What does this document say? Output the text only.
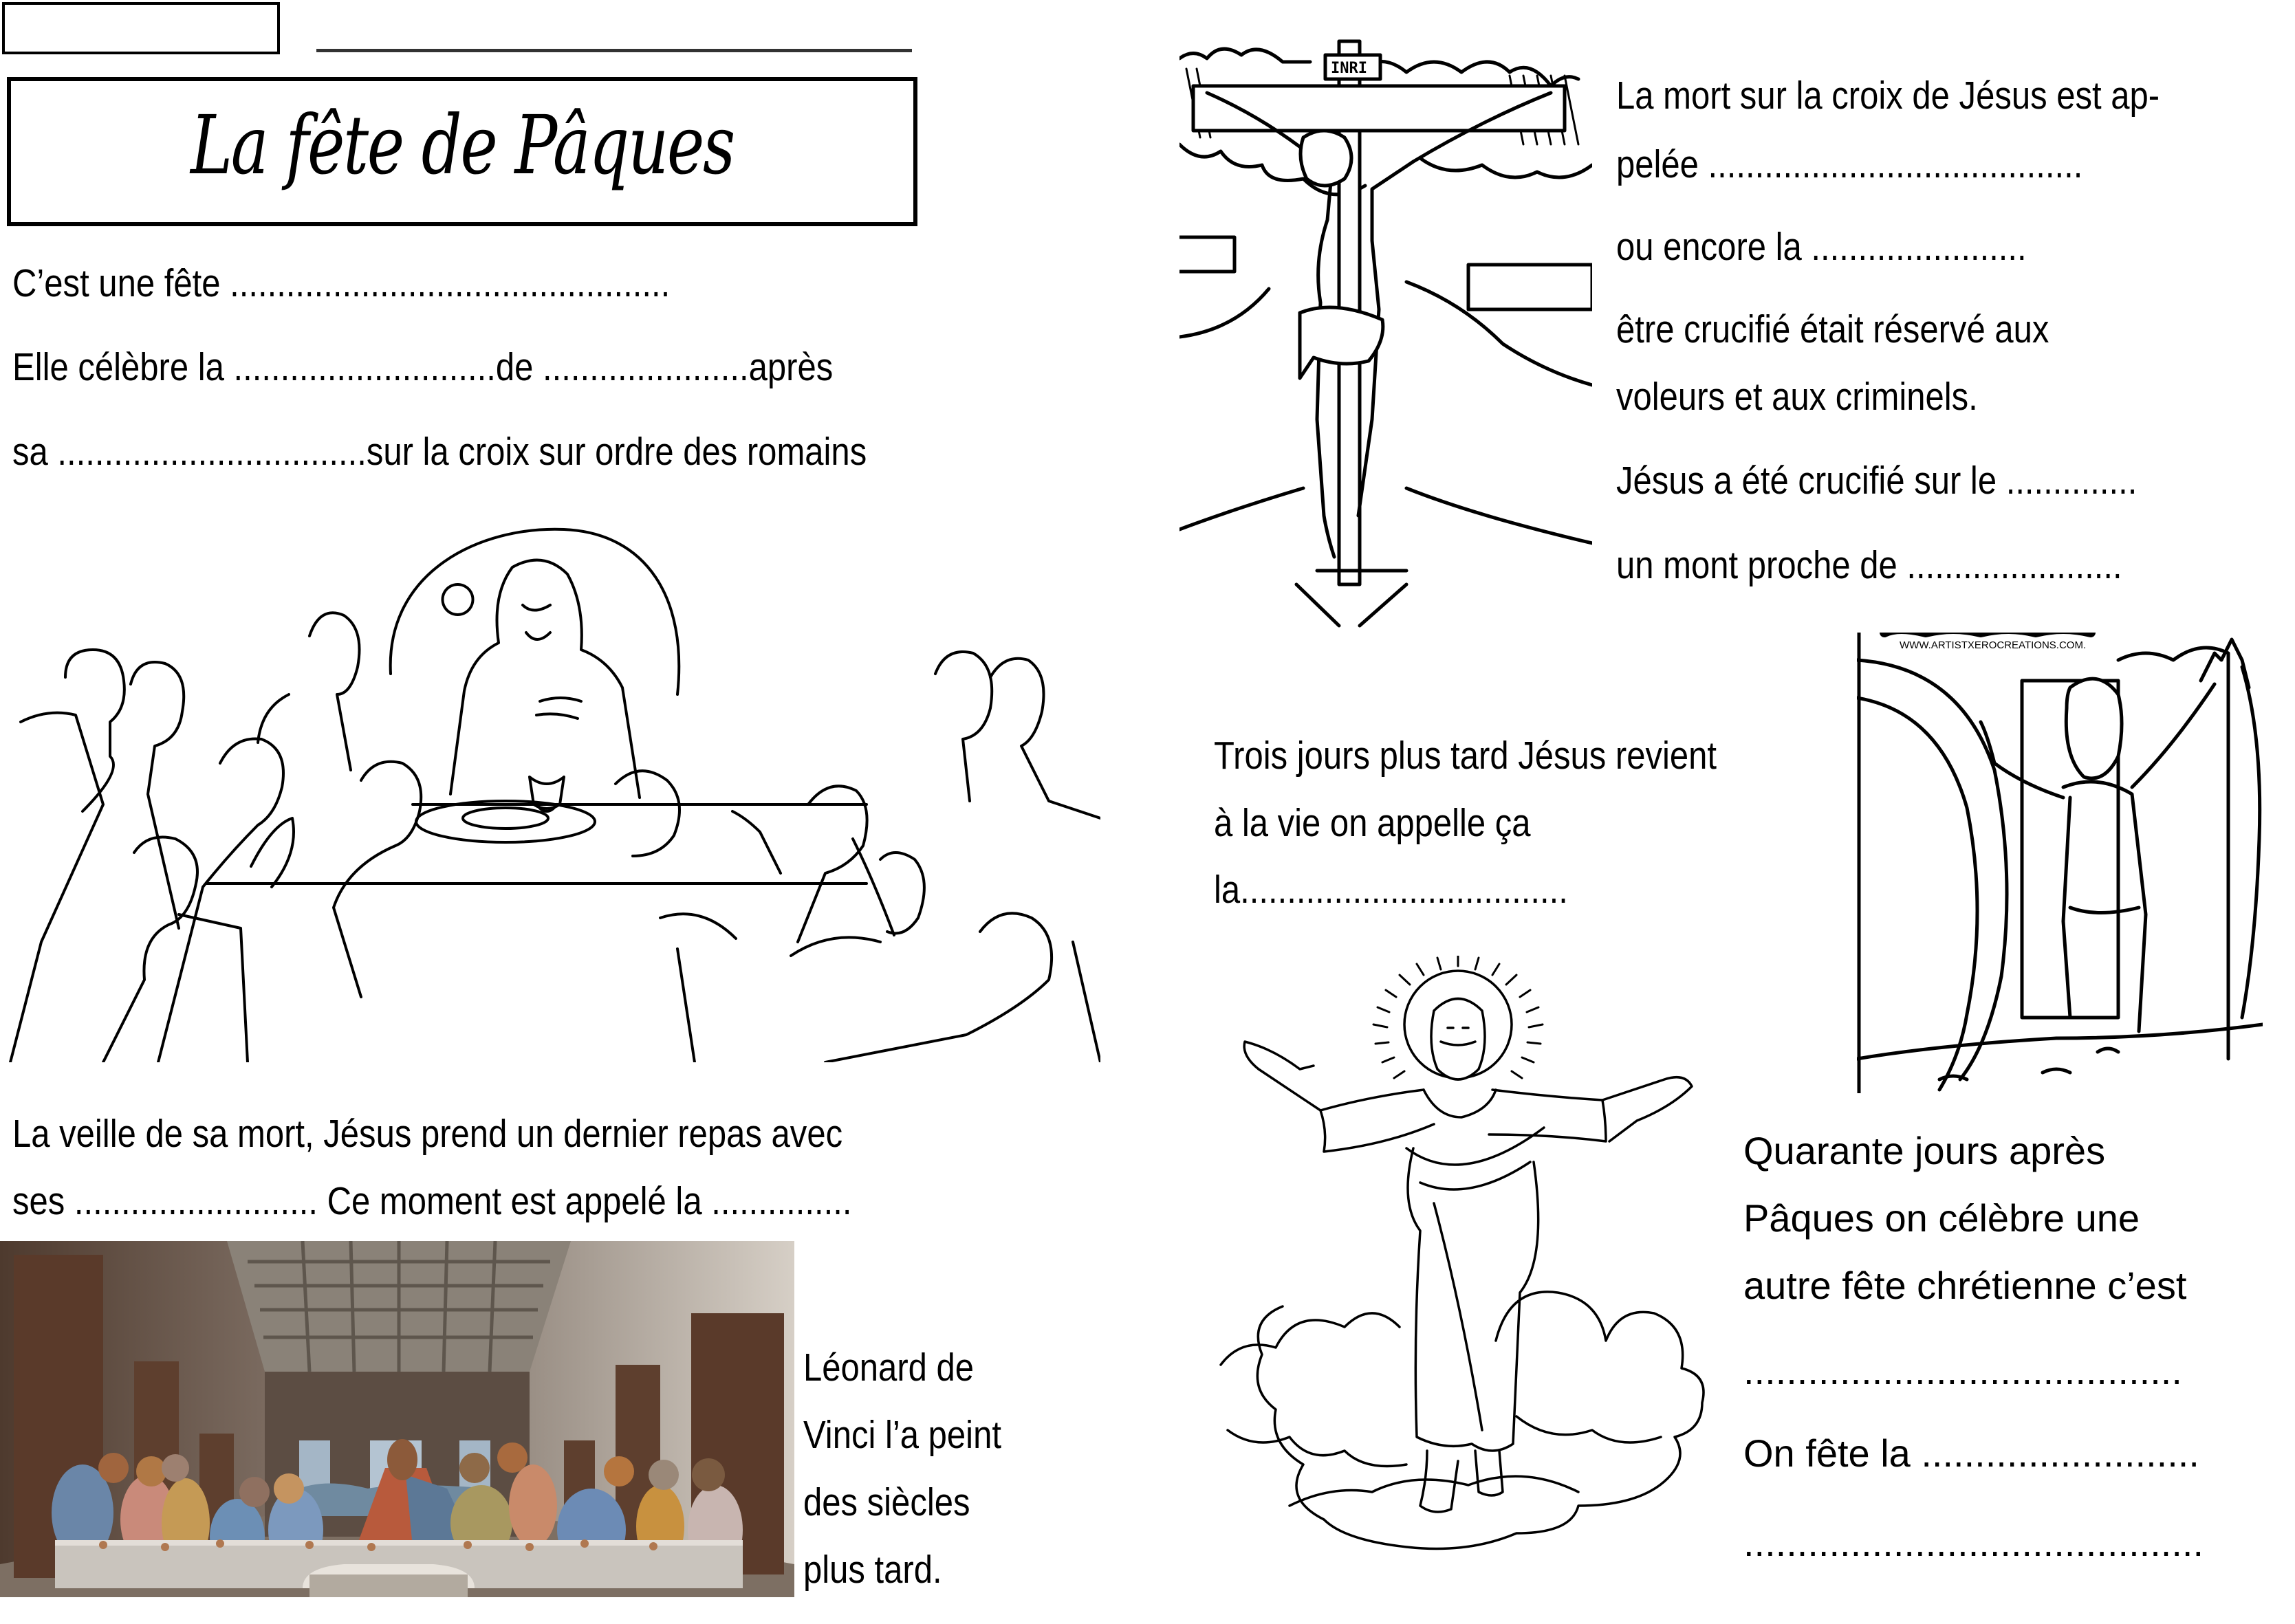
La fête de Pâques
C’est une fête ...............................................
Elle célèbre la ............................de ......................après
sa .................................sur la croix sur ordre des romains
La veille de sa mort, Jésus prend un dernier repas avec
ses .......................... Ce moment est appelé la ...............
Léonard de
Vinci l’a peint
des siècles
plus tard.
INRI
La mort sur la croix de Jésus est ap-
pelée ........................................
ou encore la .......................
être crucifié était réservé aux
voleurs et aux criminels.
Jésus a été crucifié sur le ..............
un mont proche de .......................
Trois jours plus tard Jésus revient
à la vie on appelle ça
la...................................
WWW.ARTISTXEROCREATIONS.COM.
Quarante jours après
Pâques on célèbre une
autre fête chrétienne c’est
.........................................
On fête la ..........................
...........................................
